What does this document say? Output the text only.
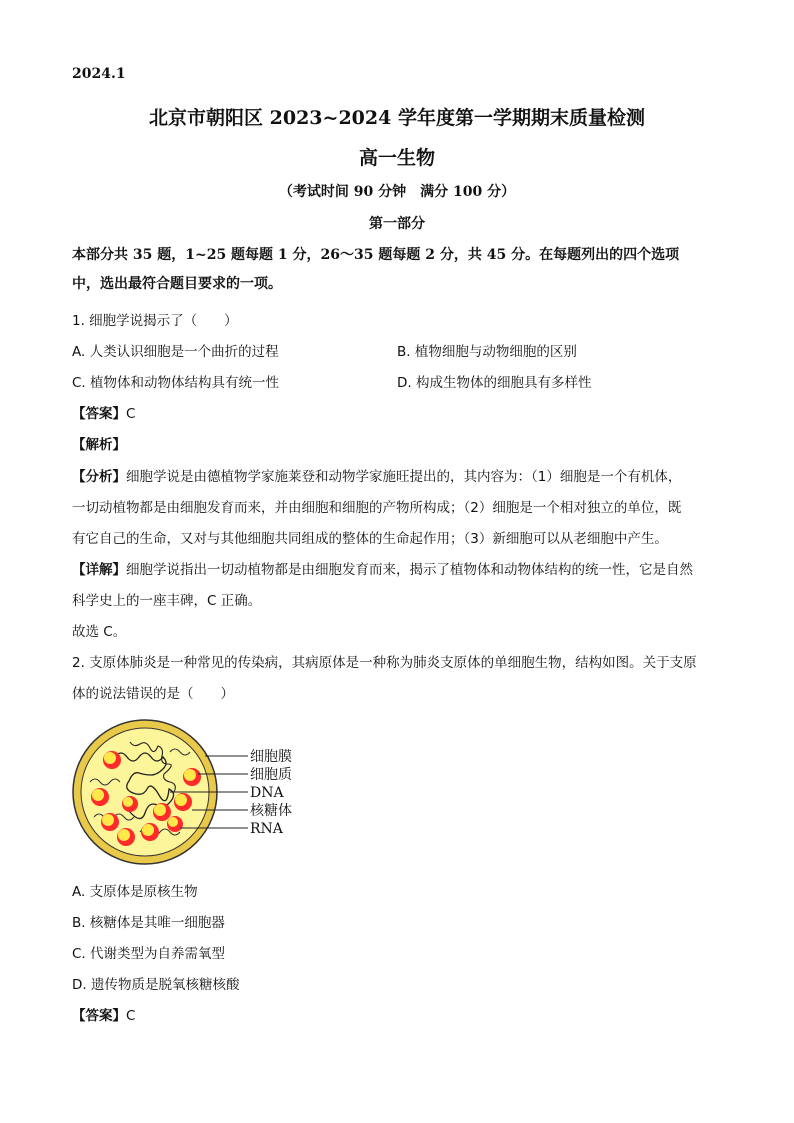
2024.1
北京市朝阳区 2023~2024 学年度第一学期期末质量检测
高一生物
（考试时间 90 分钟　满分 100 分）
第一部分
本部分共 35 题，1~25 题每题 1 分，26～35 题每题 2 分，共 45 分。在每题列出的四个选项
中，选出最符合题目要求的一项。
1. 细胞学说揭示了（　　）
A. 人类认识细胞是一个曲折的过程	B. 植物细胞与动物细胞的区别
C. 植物体和动物体结构具有统一性	D. 构成生物体的细胞具有多样性
【答案】C
【解析】
【分析】细胞学说是由德植物学家施莱登和动物学家施旺提出的，其内容为：（1）细胞是一个有机体，
一切动植物都是由细胞发育而来，并由细胞和细胞的产物所构成；（2）细胞是一个相对独立的单位，既
有它自己的生命，又对与其他细胞共同组成的整体的生命起作用；（3）新细胞可以从老细胞中产生。
【详解】细胞学说指出一切动植物都是由细胞发育而来，揭示了植物体和动物体结构的统一性，它是自然
科学史上的一座丰碑，C 正确。
故选 C。
2. 支原体肺炎是一种常见的传染病，其病原体是一种称为肺炎支原体的单细胞生物，结构如图。关于支原
体的说法错误的是（　　）
细胞膜
细胞质
DNA
核糖体
RNA
A. 支原体是原核生物
B. 核糖体是其唯一细胞器
C. 代谢类型为自养需氧型
D. 遗传物质是脱氧核糖核酸
【答案】C
